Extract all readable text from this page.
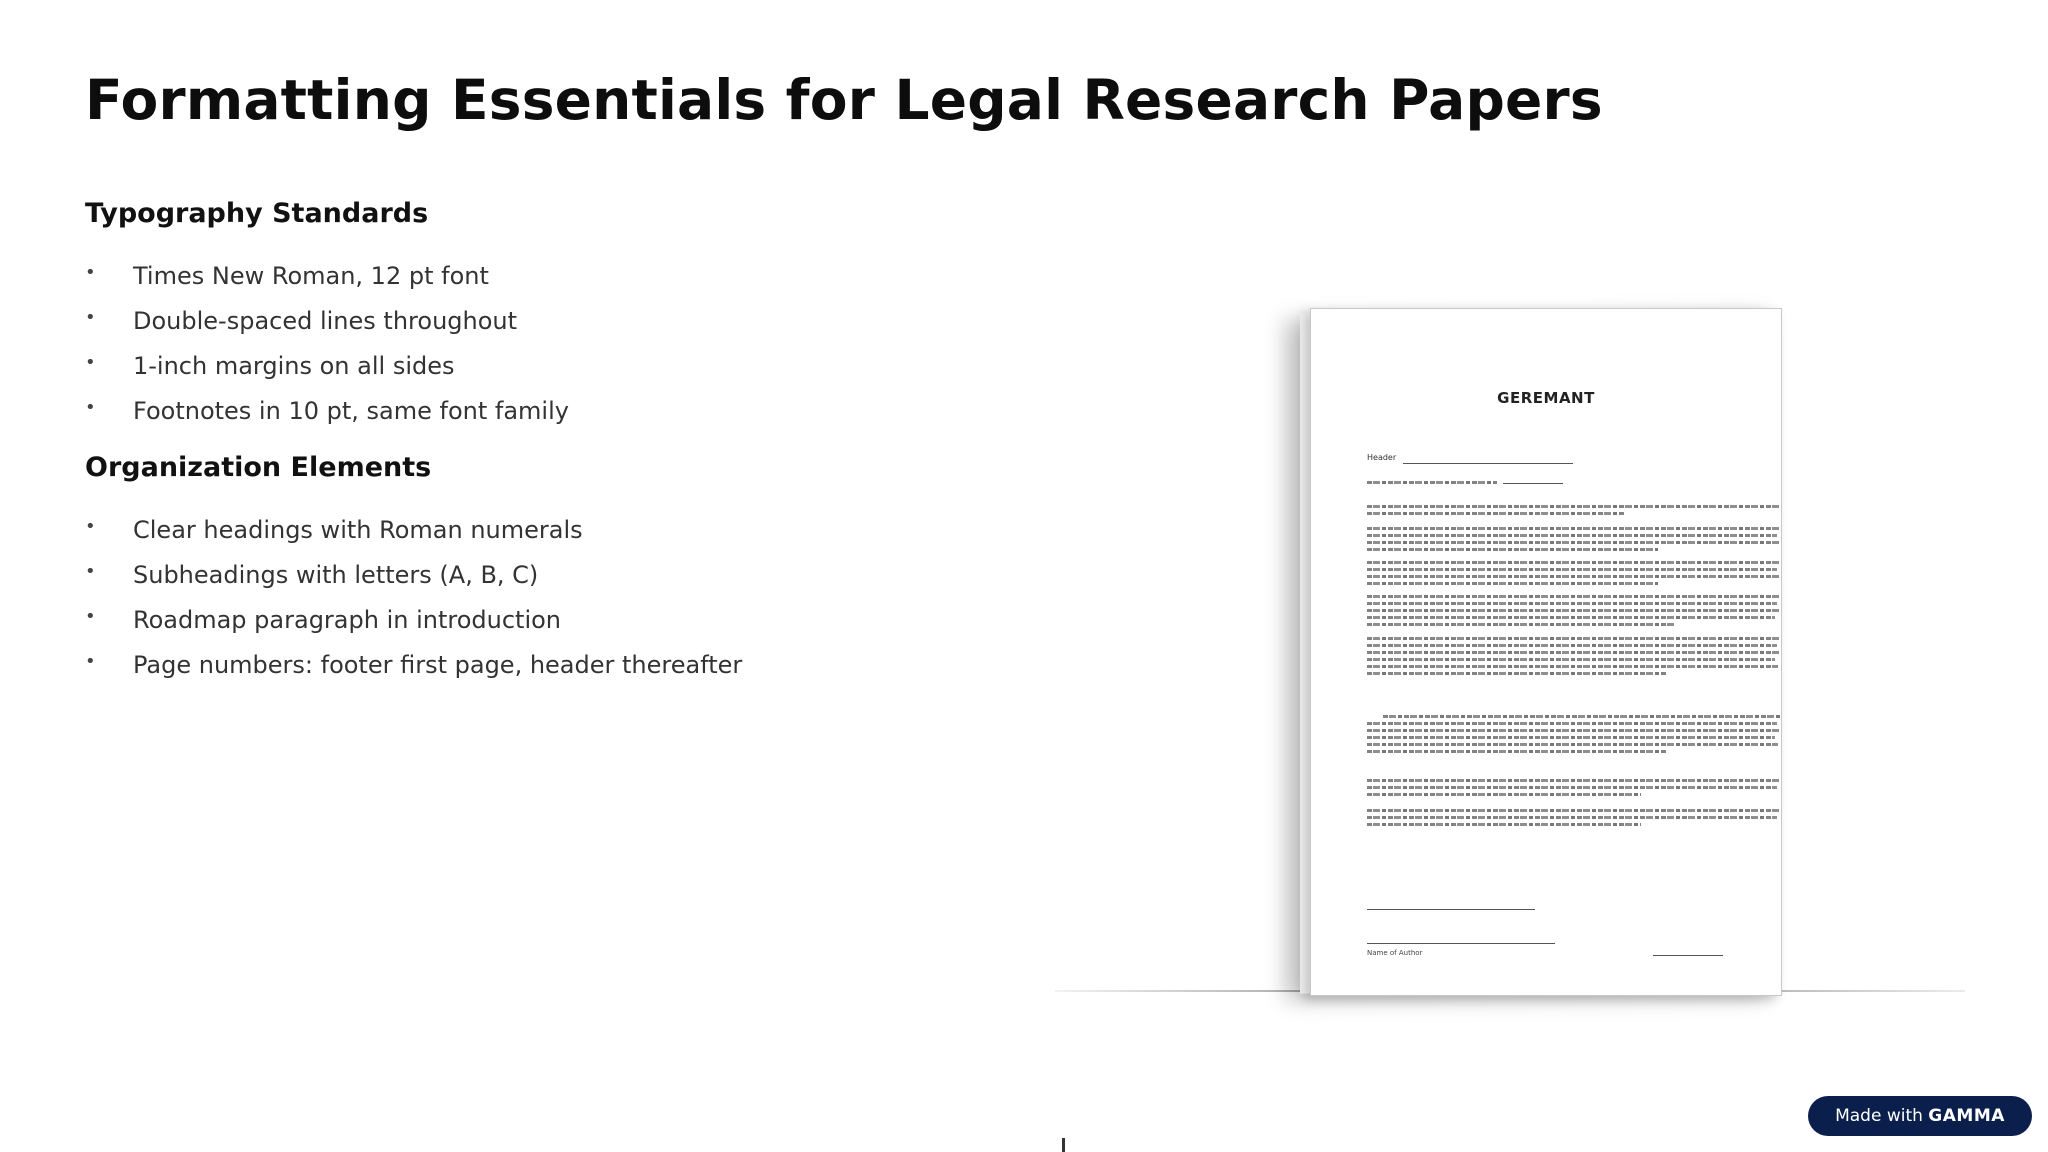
Formatting Essentials for Legal Research Papers
Typography Standards
• Times New Roman, 12 pt font
• Double-spaced lines throughout
• 1-inch margins on all sides
• Footnotes in 10 pt, same font family
Organization Elements
• Clear headings with Roman numerals
• Subheadings with letters (A, B, C)
• Roadmap paragraph in introduction
• Page numbers: footer first page, header thereafter
GEREMANT
Header
Name of Author
Made with GAMMA
